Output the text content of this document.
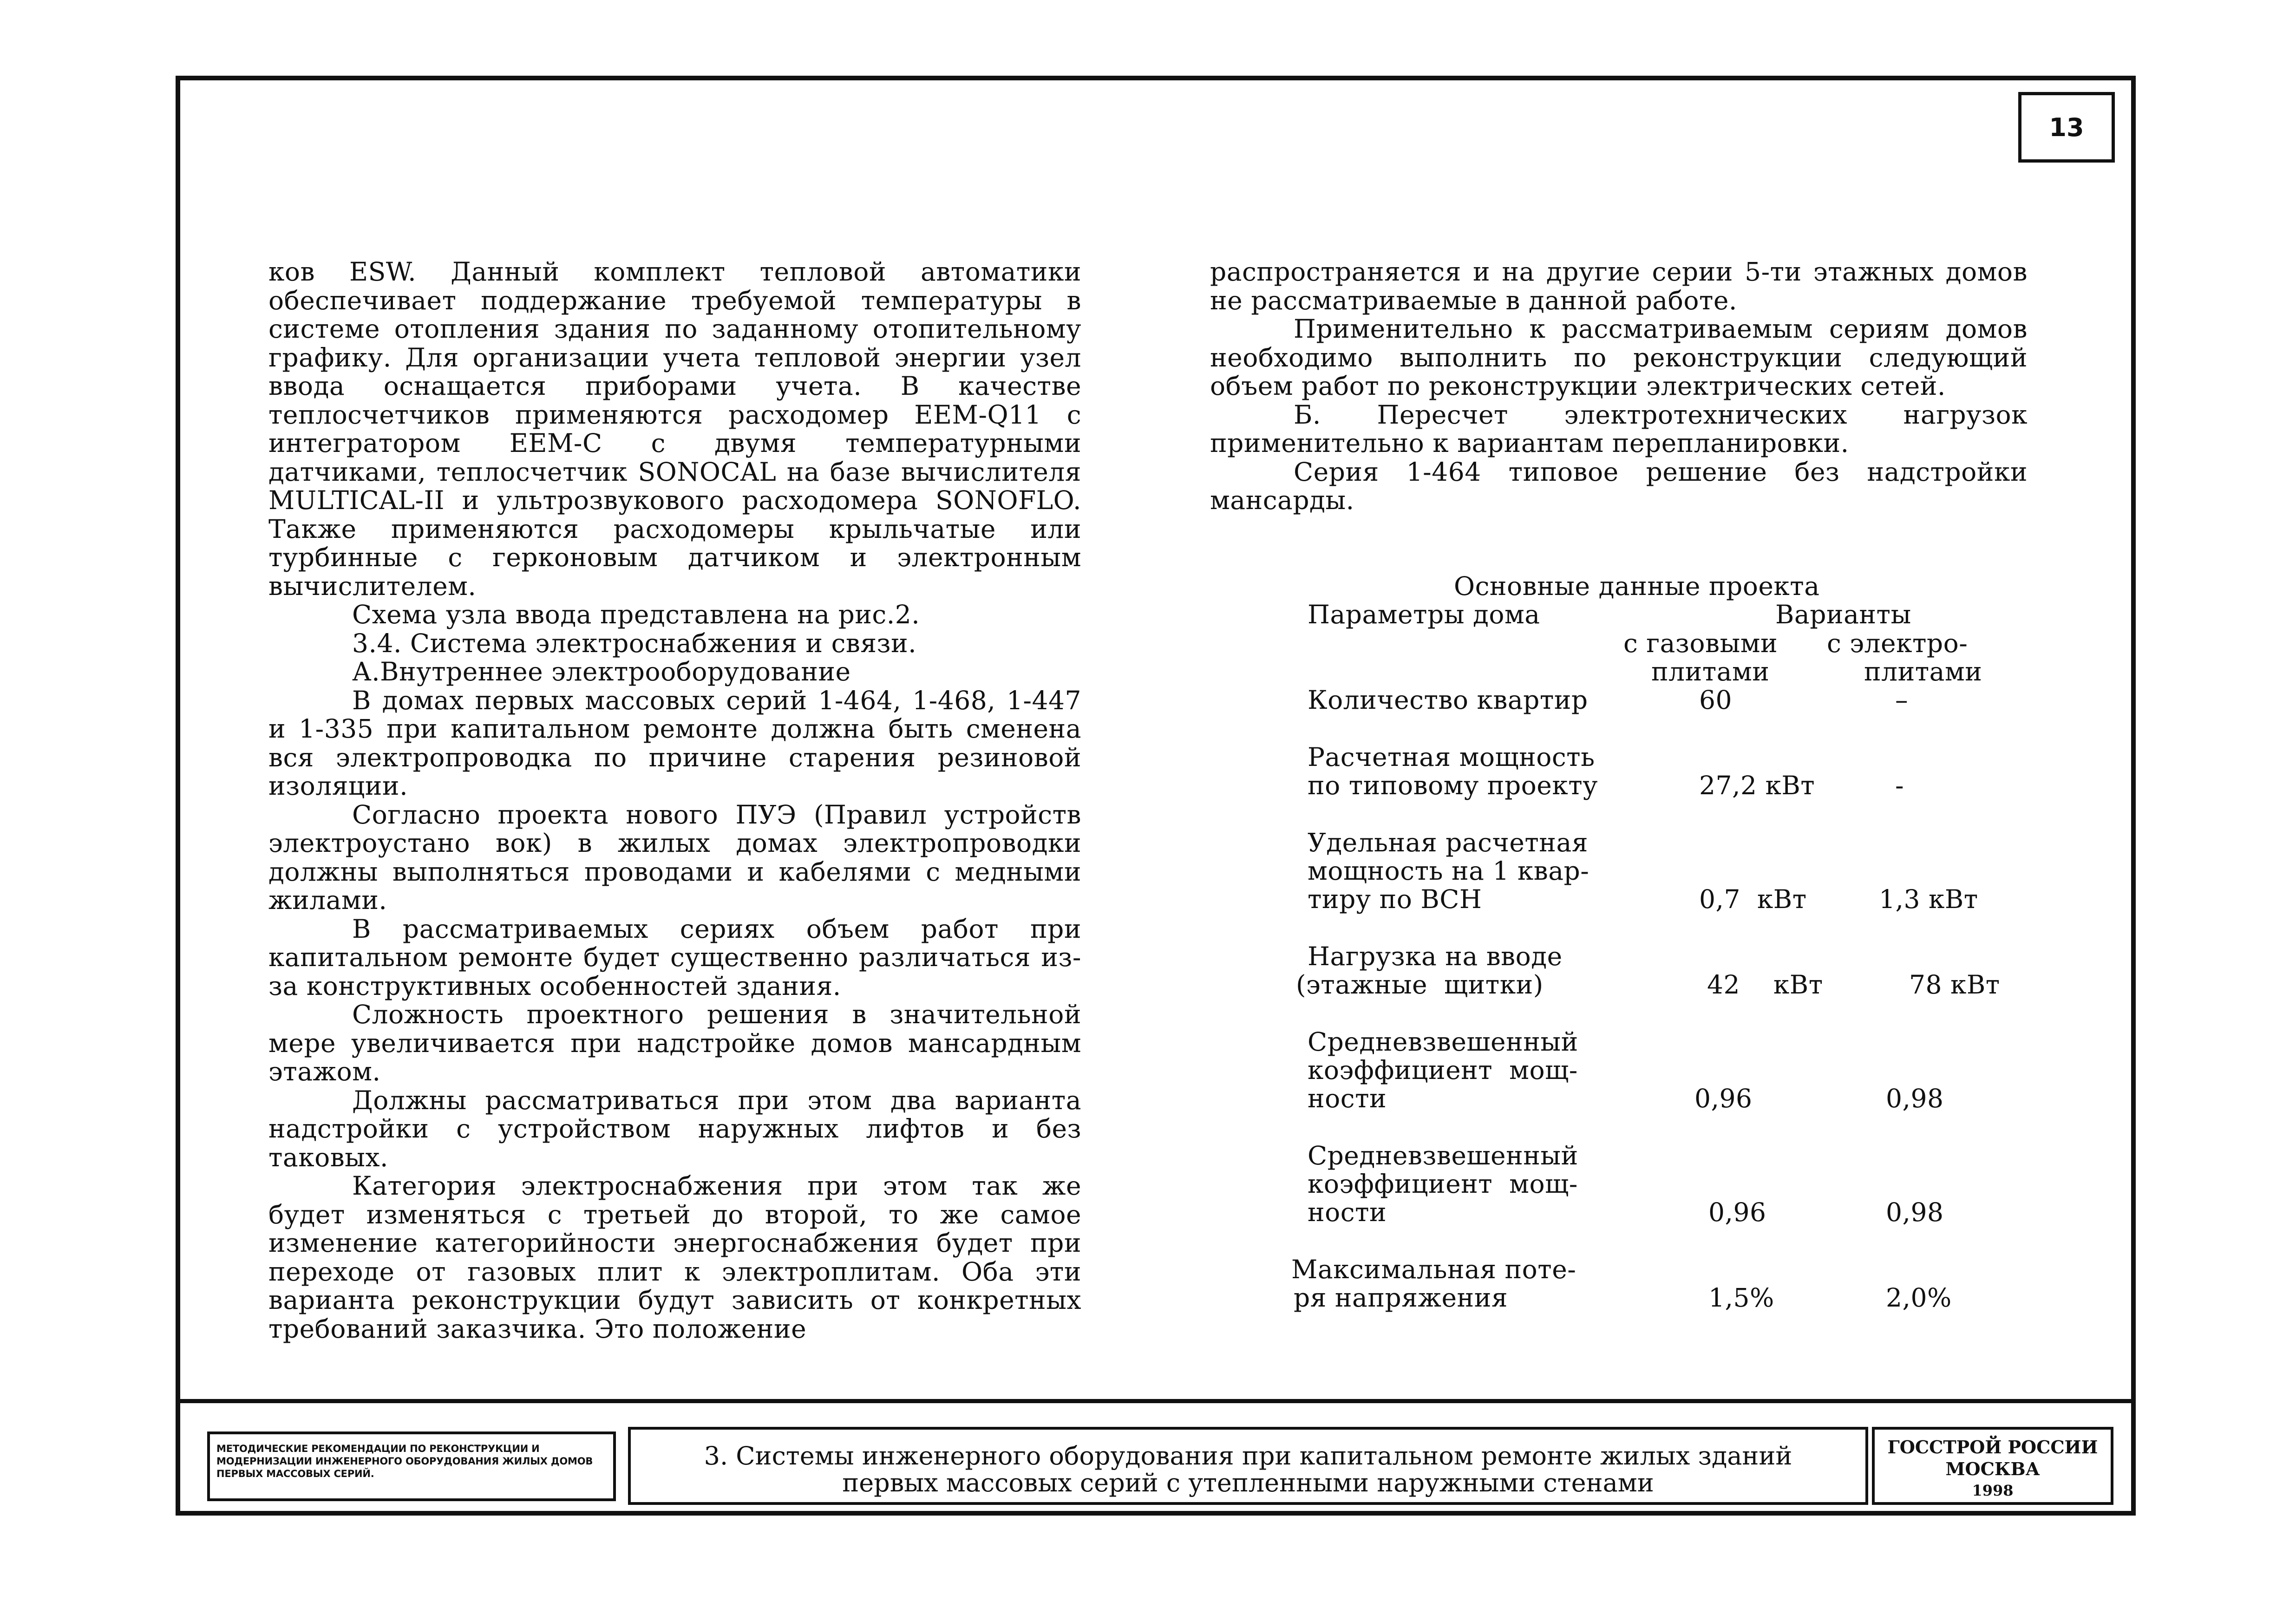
13

ков ESW. Данный комплект тепловой автоматики обеспечивает поддержание требуемой температуры в системе отопления здания по заданному отопительному графику. Для организации учета тепловой энергии узел ввода оснащается приборами учета. В качестве теплосчетчиков применяются расходомер EEM-Q11 с интегратором EEM-C с двумя температурными датчиками, теплосчетчик SONOCAL на базе вычислителя MULTICAL-II и ультрозвукового расходомера SONOFLO. Также применяются расходомеры крыльчатые или турбинные с герконовым датчиком и электронным вычислителем.

Схема узла ввода представлена на рис.2.

3.4. Система электроснабжения и связи.

А.Внутреннее электрооборудование

В домах первых массовых серий 1-464, 1-468, 1-447 и 1-335 при капитальном ремонте должна быть сменена вся электропроводка по причине старения резиновой изоляции.

Согласно проекта нового ПУЭ (Правил устройств электроустано вок) в жилых домах электропроводки должны выполняться проводами и кабелями с медными жилами.

В рассматриваемых сериях объем работ при капитальном ремонте будет существенно различаться из-за конструктивных особенностей здания.

Сложность проектного решения в значительной мере увеличивается при надстройке домов мансардным этажом.

Должны рассматриваться при этом два варианта надстройки с устройством наружных лифтов и без таковых.

Категория электроснабжения при этом так же будет изменяться с третьей до второй, то же самое изменение категорийности энергоснабжения будет при переходе от газовых плит к электроплитам. Оба эти варианта реконструкции будут зависить от конкретных требований заказчика. Это положение

распространяется и на другие серии 5-ти этажных домов не рассматриваемые в данной работе.

Применительно к рассматриваемым сериям домов необходимо выполнить по реконструкции следующий объем работ по реконструкции электрических сетей.

Б. Пересчет электротехнических нагрузок применительно к вариантам перепланировки.

Серия 1-464 типовое решение без надстройки мансарды.

Основные данные проекта
Параметры дома	Варианты
с газовыми
плитами
с электро-
плитами
Количество квартир	60	–
Расчетная мощность
по типовому проекту	27,2 кВт	-
Удельная расчетная
мощность на 1 квар-
тиру по ВСН	0,7  кВт	1,3 кВт
Нагрузка на вводе
(этажные  щитки)	42    кВт	78 кВт
Средневзвешенный
коэффициент  мощ-
ности	0,96	0,98
Средневзвешенный
коэффициент  мощ-
ности	0,96	0,98
Максимальная поте-
ря напряжения	1,5%	2,0%
МЕТОДИЧЕСКИЕ РЕКОМЕНДАЦИИ ПО РЕКОНСТРУКЦИИ И МОДЕРНИЗАЦИИ ИНЖЕНЕРНОГО ОБОРУДОВАНИЯ ЖИЛЫХ ДОМОВ ПЕРВЫХ МАССОВЫХ СЕРИЙ.
3. Системы инженерного оборудования при капитальном ремонте жилых зданий
первых массовых серий с утепленными наружными стенами
ГОССТРОЙ РОССИИ
МОСКВА
1998
